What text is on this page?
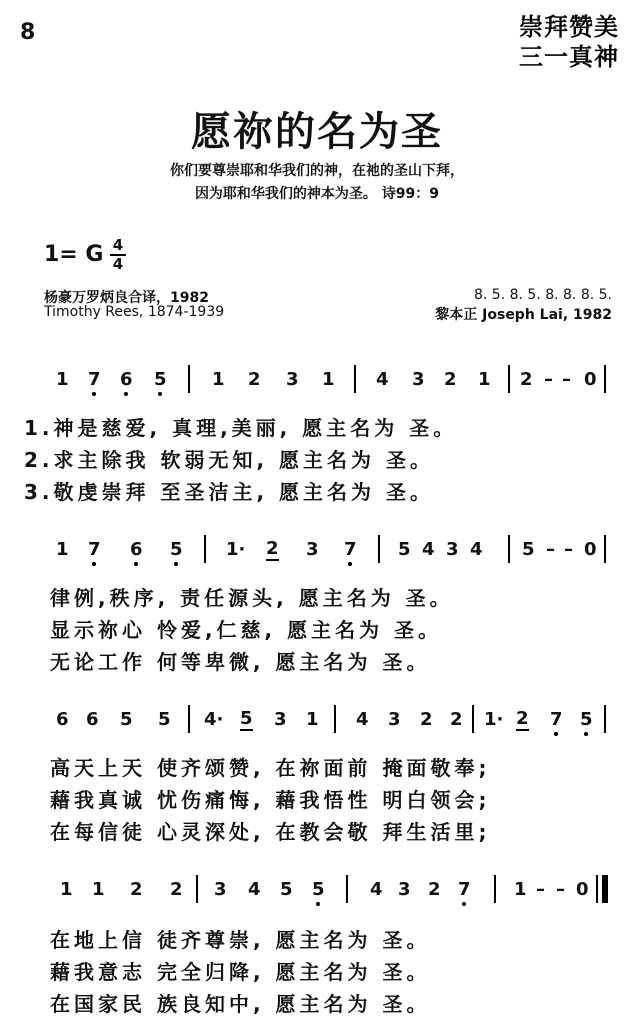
8	崇拜赞美
三一真神
愿祢的名为圣
你们要尊崇耶和华我们的神，在祂的圣山下拜，
因为耶和华我们的神本为圣。 诗99：9
1= G 4
4
杨豪万罗炳良合译，1982
Timothy Rees, 1874-1939
8. 5. 8. 5. 8. 8. 8. 5.
黎本正 Joseph Lai, 1982
1 7 6 5	1 2 3 1 4 3 2 1 2 – – 0
1.神是慈爱, 真理,美丽, 愿主名为 圣。
2.求主除我 软弱无知, 愿主名为 圣。
3.敬虔崇拜 至圣洁主, 愿主名为 圣。
1 7 6 5 1· 2 3 7 5 4 3 4 5 – – 0
律例,秩序, 责任源头, 愿主名为 圣。
显示祢心 怜爱,仁慈, 愿主名为 圣。
无论工作 何等卑微, 愿主名为 圣。
6 6 5 5 4· 5 3 1 4 3 2 2 1· 2 7 5
高天上天 使齐颂赞, 在祢面前 掩面敬奉;
藉我真诚 忧伤痛悔, 藉我悟性 明白领会;
在每信徒 心灵深处, 在教会敬 拜生活里;
1 1 2 2 3 4 5 5	4 3 2 7 1 – – 0
在地上信 徒齐尊崇, 愿主名为 圣。
藉我意志 完全归降, 愿主名为 圣。
在国家民 族良知中, 愿主名为 圣。
